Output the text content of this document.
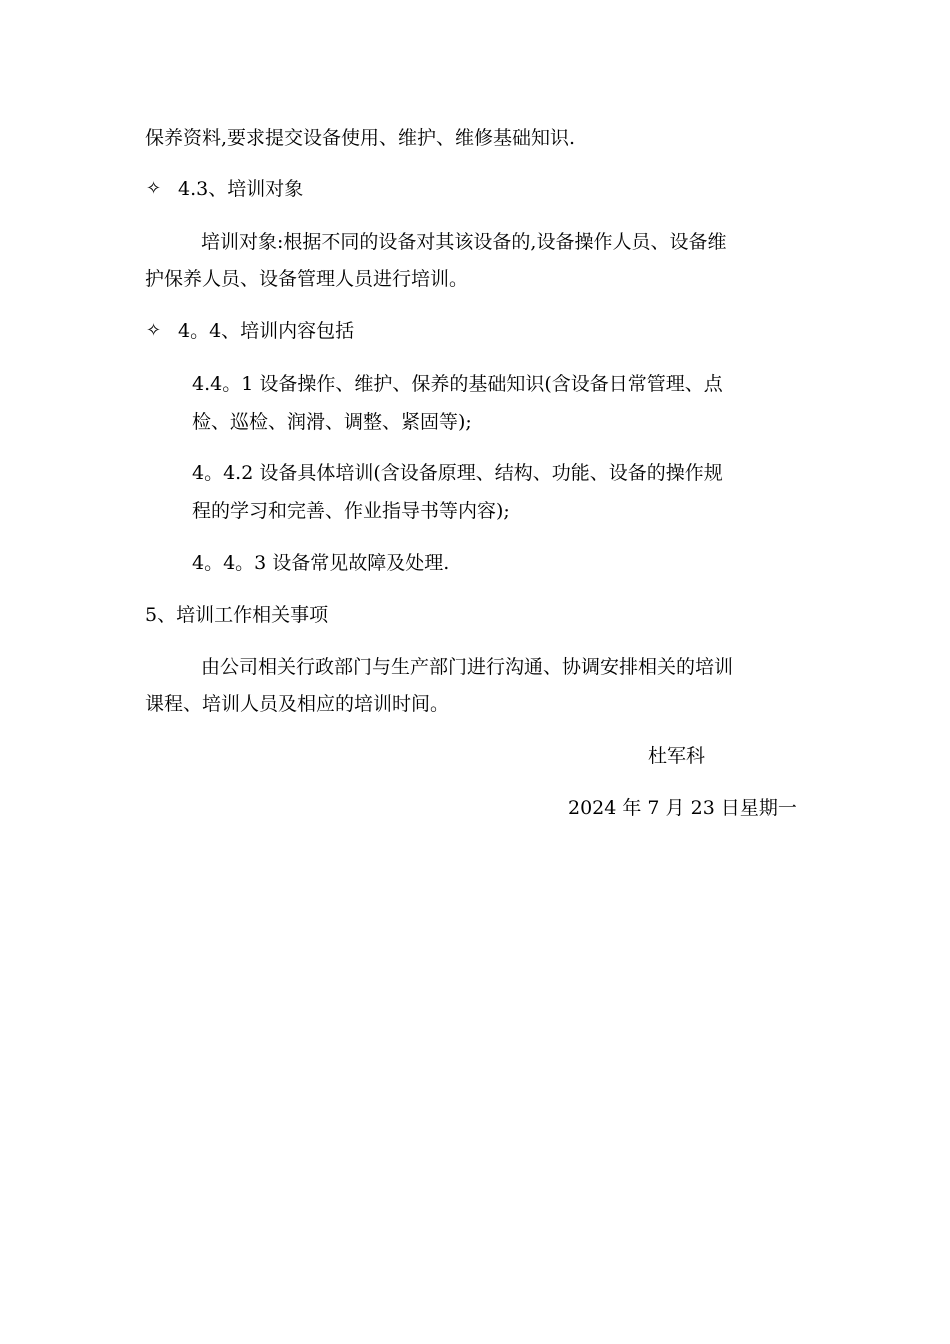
保养资料,要求提交设备使用、维护、维修基础知识.
✧ 4.3、培训对象
培训对象:根据不同的设备对其该设备的,设备操作人员、设备维
护保养人员、设备管理人员进行培训。
✧ 4。4、培训内容包括
4.4。1 设备操作、维护、保养的基础知识(含设备日常管理、点
检、巡检、润滑、调整、紧固等);
4。4.2 设备具体培训(含设备原理、结构、功能、设备的操作规
程的学习和完善、作业指导书等内容);
4。4。3 设备常见故障及处理.
5、培训工作相关事项
由公司相关行政部门与生产部门进行沟通、协调安排相关的培训
课程、培训人员及相应的培训时间。
杜军科
2024 年 7 月 23 日星期一
